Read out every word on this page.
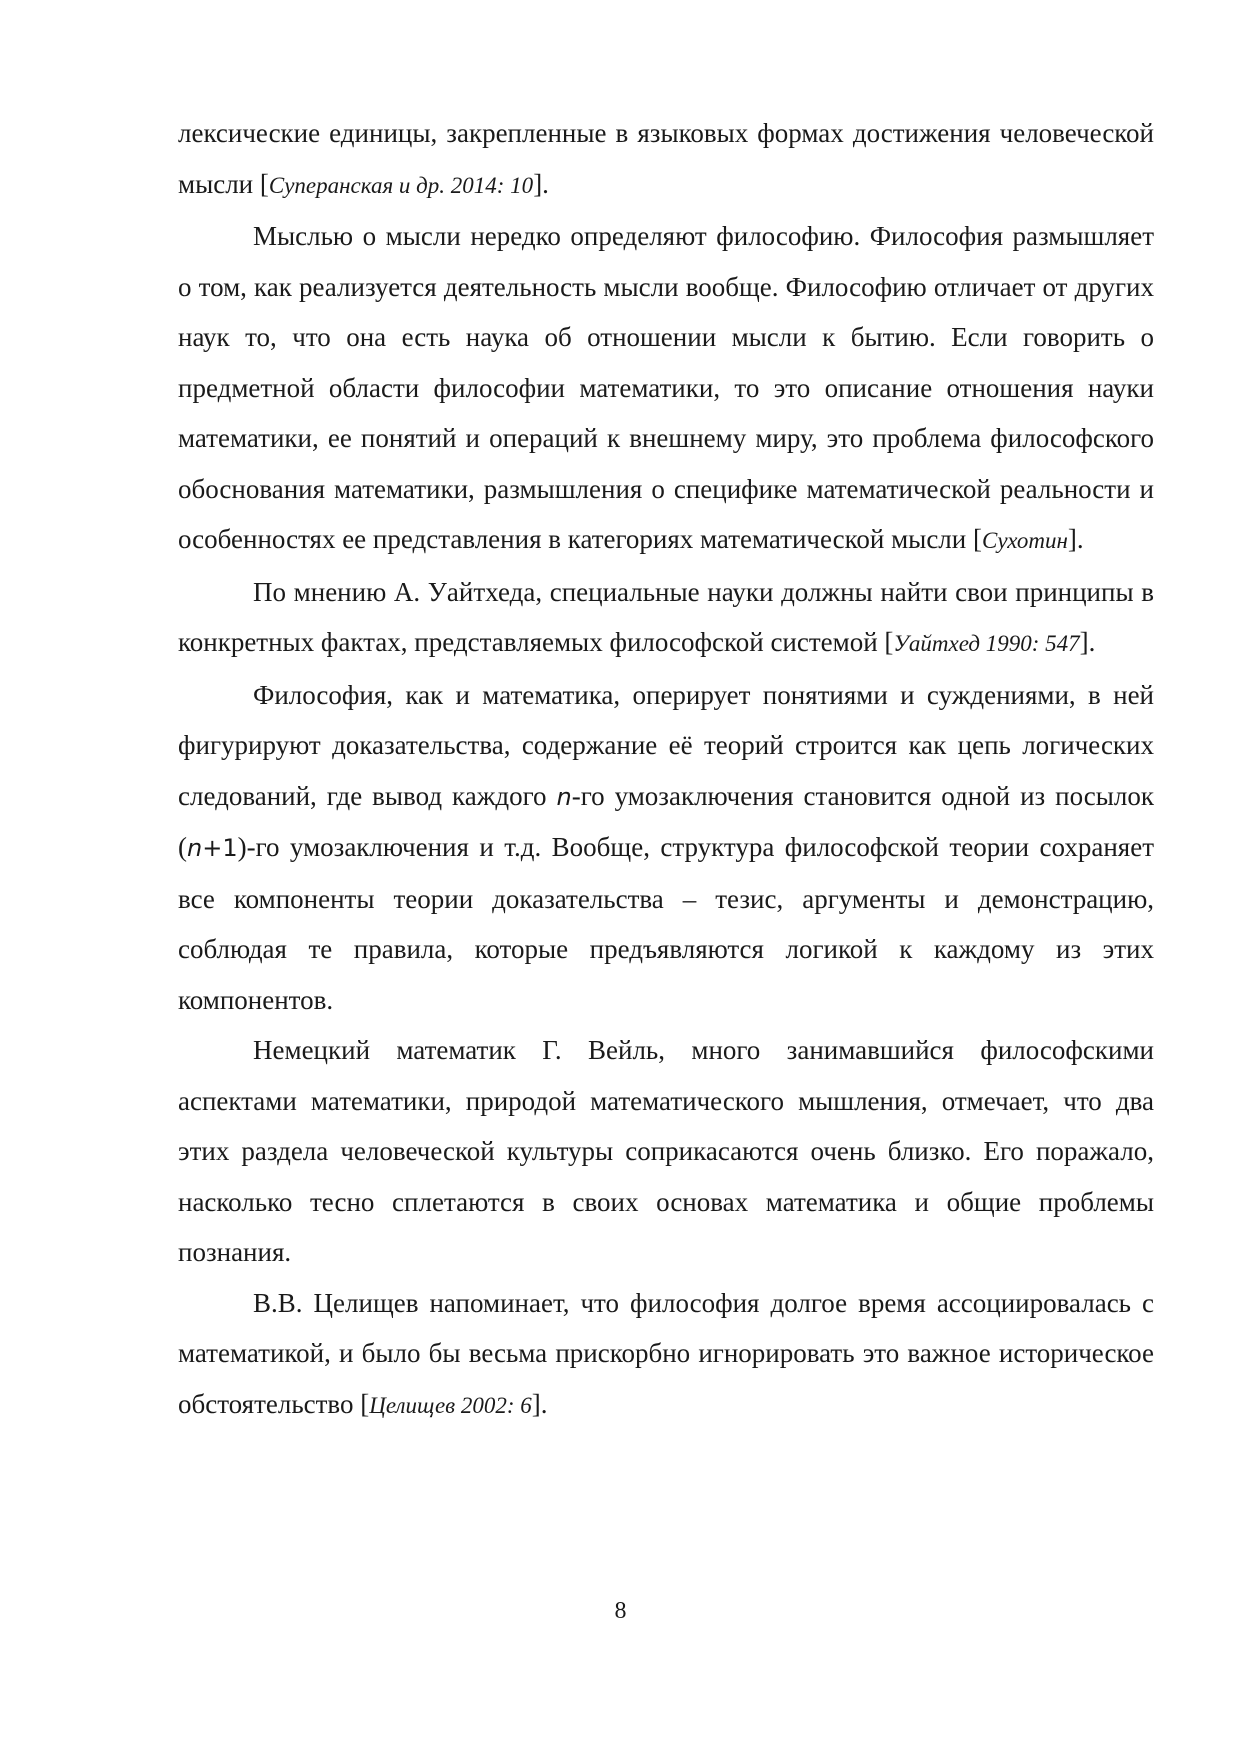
лексические единицы, закрепленные в языковых формах достижения человеческой мысли [Суперанская и др. 2014: 10].

Мыслью о мысли нередко определяют философию. Философия размышляет о том, как реализуется деятельность мысли вообще. Философию отличает от других наук то, что она есть наука об отношении мысли к бытию. Если говорить о предметной области философии математики, то это описание отношения науки математики, ее понятий и операций к внешнему миру, это проблема философского обоснования математики, размышления о специфике математической реальности и особенностях ее представления в категориях математической мысли [Сухотин].

По мнению А. Уайтхеда, специальные науки должны найти свои принципы в конкретных фактах, представляемых философской системой [Уайтхед 1990: 547].

Философия, как и математика, оперирует понятиями и суждениями, в ней фигурируют доказательства, содержание её теорий строится как цепь логических следований, где вывод каждого n-го умозаключения становится одной из посылок (n+1)-го умозаключения и т.д. Вообще, структура философской теории сохраняет все компоненты теории доказательства – тезис, аргументы и демонстрацию, соблюдая те правила, которые предъявляются логикой к каждому из этих компонентов.

Немецкий математик Г. Вейль, много занимавшийся философскими аспектами математики, природой математического мышления, отмечает, что два этих раздела человеческой культуры соприкасаются очень близко. Его поражало, насколько тесно сплетаются в своих основах математика и общие проблемы познания.

В.В. Целищев напоминает, что философия долгое время ассоциировалась с математикой, и было бы весьма прискорбно игнорировать это важное историческое обстоятельство [Целищев 2002: 6].

8
